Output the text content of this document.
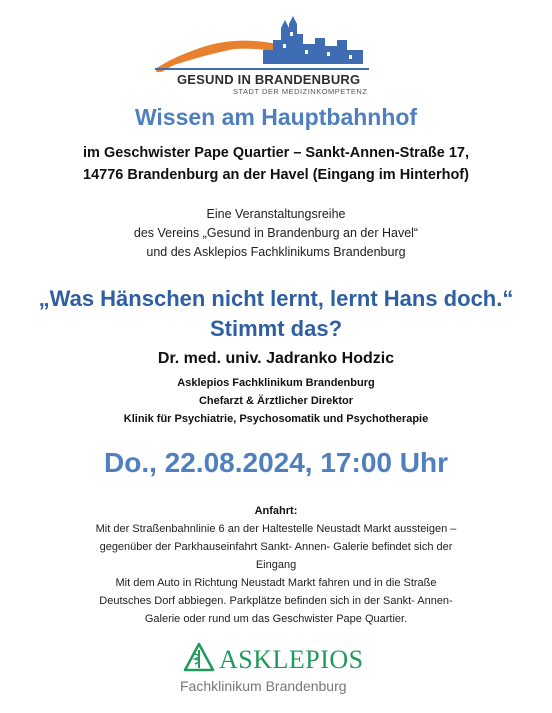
GESUND IN BRANDENBURG
STADT DER MEDIZINKOMPETENZ
Wissen am Hauptbahnhof
im Geschwister Pape Quartier – Sankt-Annen-Straße 17,
14776 Brandenburg an der Havel (Eingang im Hinterhof)
Eine Veranstaltungsreihe
des Vereins „Gesund in Brandenburg an der Havel“
und des Asklepios Fachklinikums Brandenburg
„Was Hänschen nicht lernt, lernt Hans doch.“
Stimmt das?
Dr. med. univ. Jadranko Hodzic
Asklepios Fachklinikum Brandenburg
Chefarzt & Ärztlicher Direktor
Klinik für Psychiatrie, Psychosomatik und Psychotherapie
Do., 22.08.2024, 17:00 Uhr
Anfahrt:
Mit der Straßenbahnlinie 6 an der Haltestelle Neustadt Markt aussteigen –
gegenüber der Parkhauseinfahrt Sankt- Annen- Galerie befindet sich der
Eingang
Mit dem Auto in Richtung Neustadt Markt fahren und in die Straße
Deutsches Dorf abbiegen. Parkplätze befinden sich in der Sankt- Annen-
Galerie oder rund um das Geschwister Pape Quartier.
ASKLEPIOS
Fachklinikum Brandenburg
